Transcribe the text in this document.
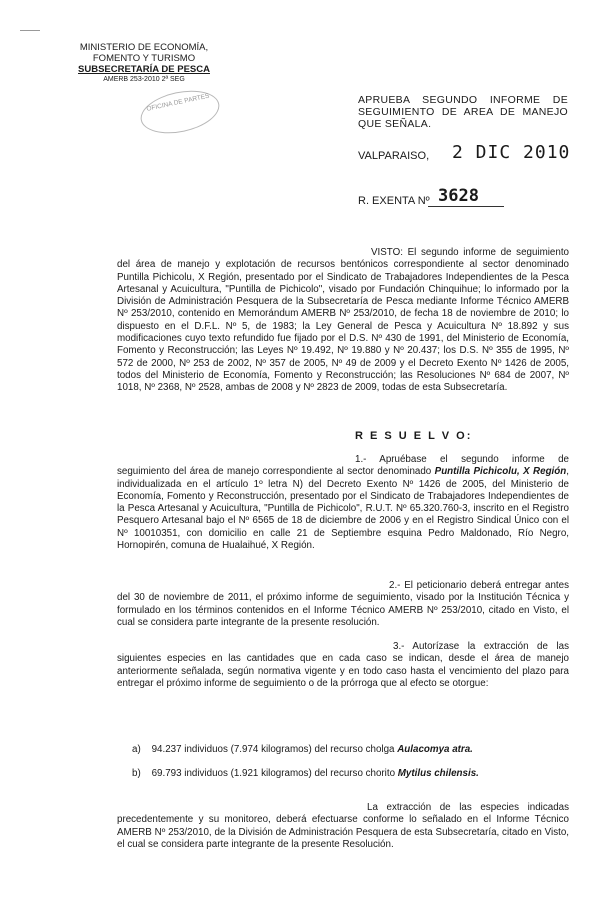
MINISTERIO DE ECONOMÍA,
FOMENTO Y TURISMO
SUBSECRETARÍA DE PESCA
AMERB 253-2010 2ª SEG
OFICINA DE PARTES	APRUEBA SEGUNDO INFORME DE SEGUIMIENTO DE AREA DE MANEJO QUE SEÑALA.
VALPARAISO, 2 DIC 2010
R. EXENTA Nº 3628
VISTO: El segundo informe de seguimiento del área de manejo y explotación de recursos bentónicos correspondiente al sector denominado Puntilla Pichicolu, X Región, presentado por el Sindicato de Trabajadores Independientes de la Pesca Artesanal y Acuicultura, "Puntilla de Pichicolo", visado por Fundación Chinquihue; lo informado por la División de Administración Pesquera de la Subsecretaría de Pesca mediante Informe Técnico AMERB Nº 253/2010, contenido en Memorándum AMERB Nº 253/2010, de fecha 18 de noviembre de 2010; lo dispuesto en el D.F.L. Nº 5, de 1983; la Ley General de Pesca y Acuicultura Nº 18.892 y sus modificaciones cuyo texto refundido fue fijado por el D.S. Nº 430 de 1991, del Ministerio de Economía, Fomento y Reconstrucción; las Leyes Nº 19.492, Nº 19.880 y Nº 20.437; los D.S. Nº 355 de 1995, Nº 572 de 2000, Nº 253 de 2002, Nº 357 de 2005, Nº 49 de 2009 y el Decreto Exento Nº 1426 de 2005, todos del Ministerio de Economía, Fomento y Reconstrucción; las Resoluciones Nº 684 de 2007, Nº 1018, Nº 2368, Nº 2528, ambas de 2008 y Nº 2823 de 2009, todas de esta Subsecretaría.
R E S U E L V O:
1.- Apruébase el segundo informe de seguimiento del área de manejo correspondiente al sector denominado Puntilla Pichicolu, X Región, individualizada en el artículo 1º letra N) del Decreto Exento Nº 1426 de 2005, del Ministerio de Economía, Fomento y Reconstrucción, presentado por el Sindicato de Trabajadores Independientes de la Pesca Artesanal y Acuicultura, "Puntilla de Pichicolo", R.U.T. Nº 65.320.760-3, inscrito en el Registro Pesquero Artesanal bajo el Nº 6565 de 18 de diciembre de 2006 y en el Registro Sindical Único con el Nº 10010351, con domicilio en calle 21 de Septiembre esquina Pedro Maldonado, Río Negro, Hornopirén, comuna de Hualaihué, X Región.
2.- El peticionario deberá entregar antes del 30 de noviembre de 2011, el próximo informe de seguimiento, visado por la Institución Técnica y formulado en los términos contenidos en el Informe Técnico AMERB Nº 253/2010, citado en Visto, el cual se considera parte integrante de la presente resolución.
3.- Autorízase la extracción de las siguientes especies en las cantidades que en cada caso se indican, desde el área de manejo anteriormente señalada, según normativa vigente y en todo caso hasta el vencimiento del plazo para entregar el próximo informe de seguimiento o de la prórroga que al efecto se otorgue:
a) 94.237 individuos (7.974 kilogramos) del recurso cholga Aulacomya atra.
b) 69.793 individuos (1.921 kilogramos) del recurso chorito Mytilus chilensis.
La extracción de las especies indicadas precedentemente y su monitoreo, deberá efectuarse conforme lo señalado en el Informe Técnico AMERB Nº 253/2010, de la División de Administración Pesquera de esta Subsecretaría, citado en Visto, el cual se considera parte integrante de la presente Resolución.
